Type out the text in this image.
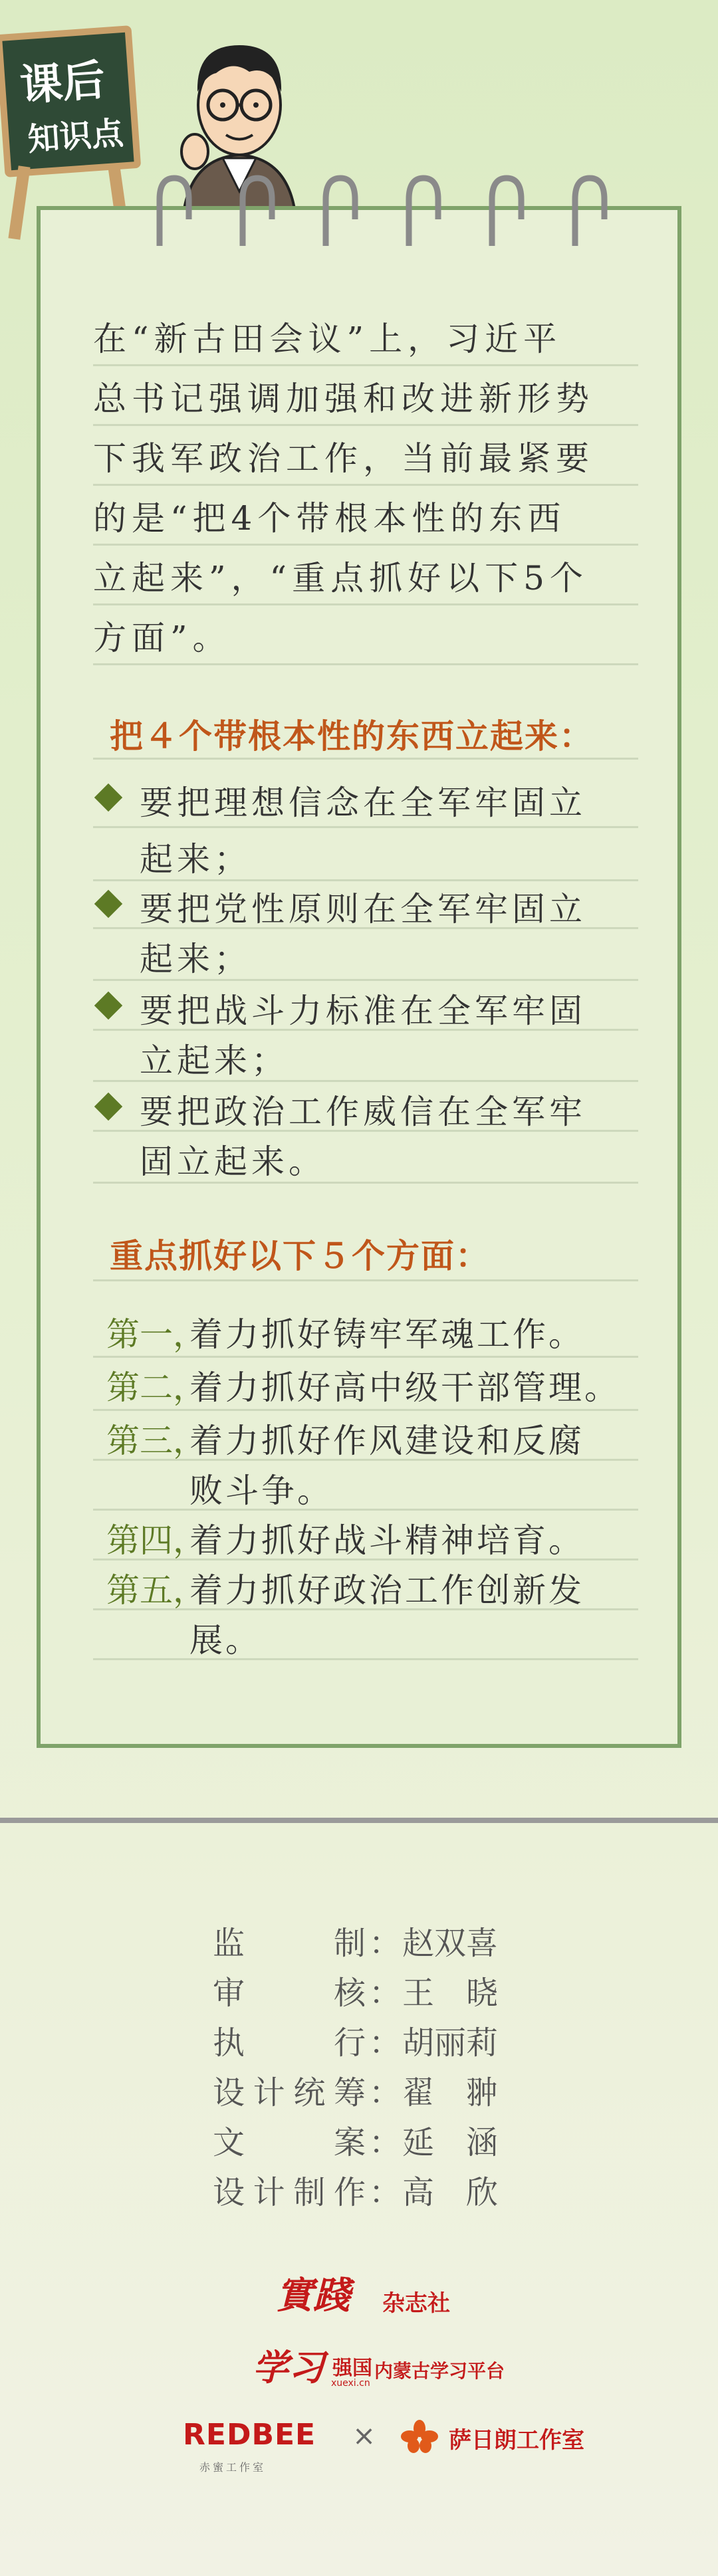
课后
知识点
在“新古田会议”上，习近平
总书记强调加强和改进新形势
下我军政治工作，当前最紧要
的是“把4个带根本性的东西
立起来”，“重点抓好以下5个
方面”。
把４个带根本性的东西立起来：
要把理想信念在全军牢固立
起来；
要把党性原则在全军牢固立
起来；
要把战斗力标准在全军牢固
立起来；
要把政治工作威信在全军牢
固立起来。
重点抓好以下５个方面：
第一，
着力抓好铸牢军魂工作。
第二，
着力抓好高中级干部管理。
第三，
着力抓好作风建设和反腐
败斗争。
第四，
着力抓好战斗精神培育。
第五，
着力抓好政治工作创新发
展。
监制 ： 赵双喜
审核 ： 王　晓
执行 ： 胡丽莉
设计统筹 ： 翟　翀
文案 ： 延　涵
设计制作 ： 高　欣
實踐 杂志社
学习 强国
xuexi.cn
内蒙古学习平台
REDBEE
赤蜜工作室
×	萨日朗工作室
